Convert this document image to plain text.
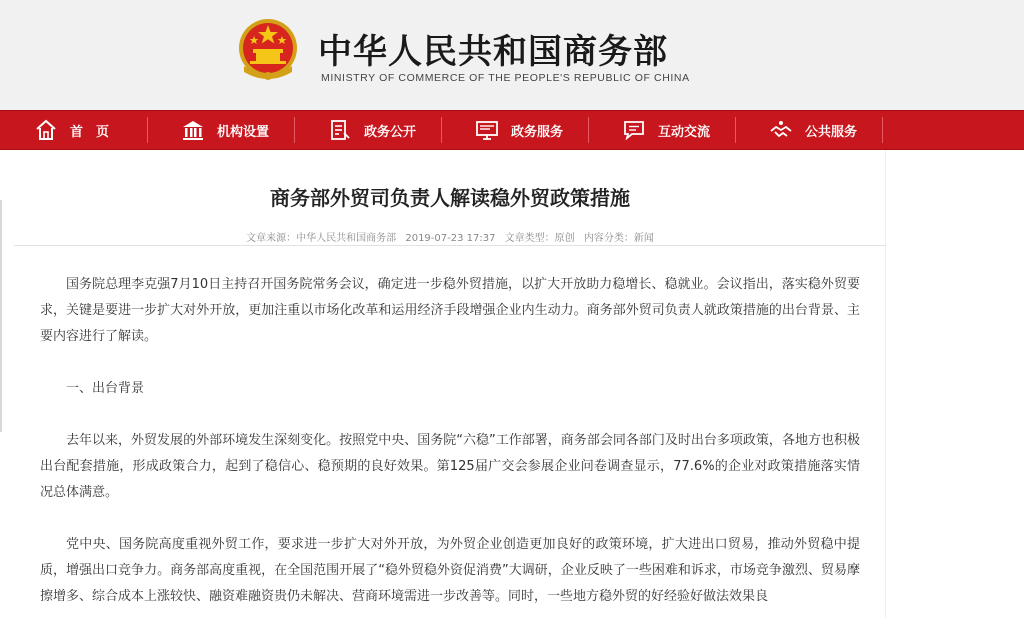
中华人民共和国商务部
MINISTRY OF COMMERCE OF THE PEOPLE'S REPUBLIC OF CHINA
首　页	机构设置	政务公开	政务服务	互动交流	公共服务
商务部外贸司负责人解读稳外贸政策措施
文章来源：中华人民共和国商务部 2019-07-23 17:37 文章类型：原创 内容分类：新闻

国务院总理李克强7月10日主持召开国务院常务会议，确定进一步稳外贸措施，以扩大开放助力稳增长、稳就业。会议指出，落实稳外贸要求，关键是要进一步扩大对外开放，更加注重以市场化改革和运用经济手段增强企业内生动力。商务部外贸司负责人就政策措施的出台背景、主要内容进行了解读。

一、出台背景

去年以来，外贸发展的外部环境发生深刻变化。按照党中央、国务院“六稳”工作部署，商务部会同各部门及时出台多项政策，各地方也积极出台配套措施，形成政策合力，起到了稳信心、稳预期的良好效果。第125届广交会参展企业问卷调查显示，77.6%的企业对政策措施落实情况总体满意。

党中央、国务院高度重视外贸工作，要求进一步扩大对外开放，为外贸企业创造更加良好的政策环境，扩大进出口贸易，推动外贸稳中提质，增强出口竞争力。商务部高度重视，在全国范围开展了“稳外贸稳外资促消费”大调研，企业反映了一些困难和诉求，市场竞争激烈、贸易摩擦增多、综合成本上涨较快、融资难融资贵仍未解决、营商环境需进一步改善等。同时，一些地方稳外贸的好经验好做法效果良
